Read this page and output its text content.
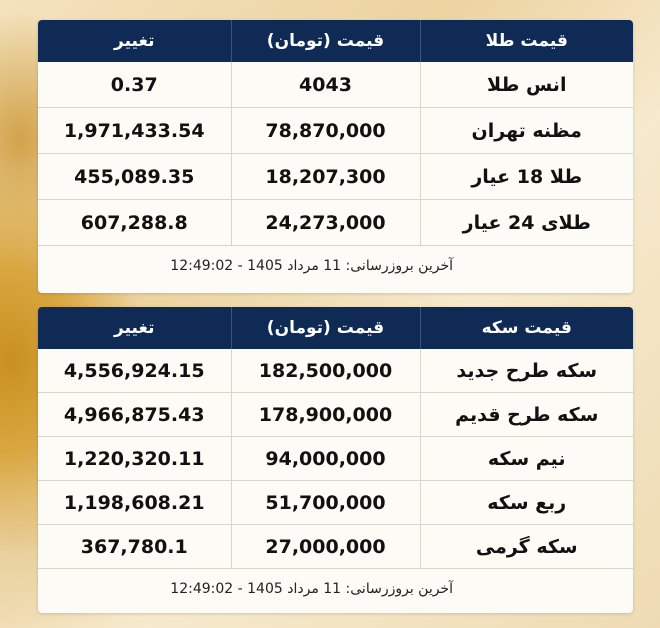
قیمت طلا	قیمت (تومان)	تغییر
انس طلا	4043	0.37
مظنه تهران	78,870,000	1,971,433.54
طلا 18 عیار	18,207,300	455,089.35
طلای 24 عیار	24,273,000	607,288.8
آخرین بروزرسانی: 11 مرداد 1405 - 12:49:02
قیمت سکه	قیمت (تومان)	تغییر
سکه طرح جدید	182,500,000	4,556,924.15
سکه طرح قدیم	178,900,000	4,966,875.43
نیم سکه	94,000,000	1,220,320.11
ربع سکه	51,700,000	1,198,608.21
سکه گرمی	27,000,000	367,780.1
آخرین بروزرسانی: 11 مرداد 1405 - 12:49:02
